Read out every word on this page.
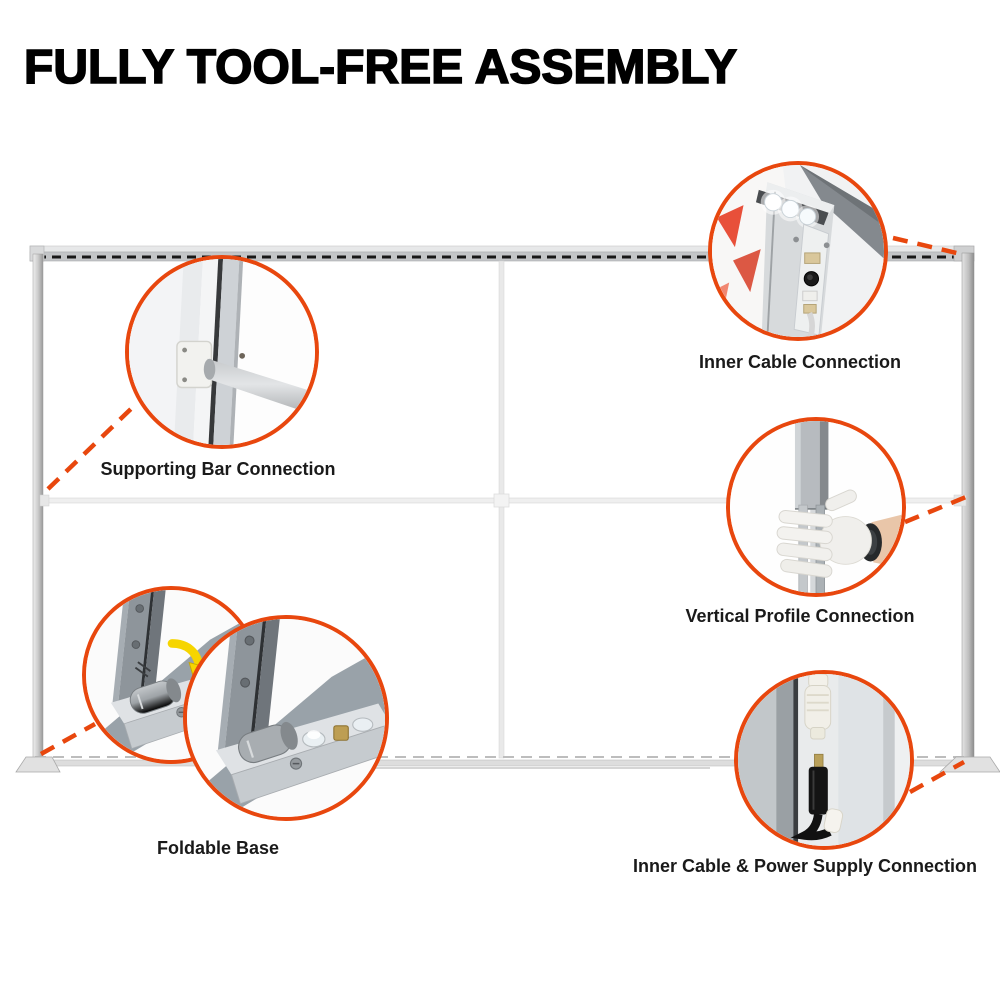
FULLY TOOL-FREE ASSEMBLY
Supporting Bar Connection
Inner Cable Connection
Vertical Profile Connection
Foldable Base
Inner Cable & Power Supply Connection
